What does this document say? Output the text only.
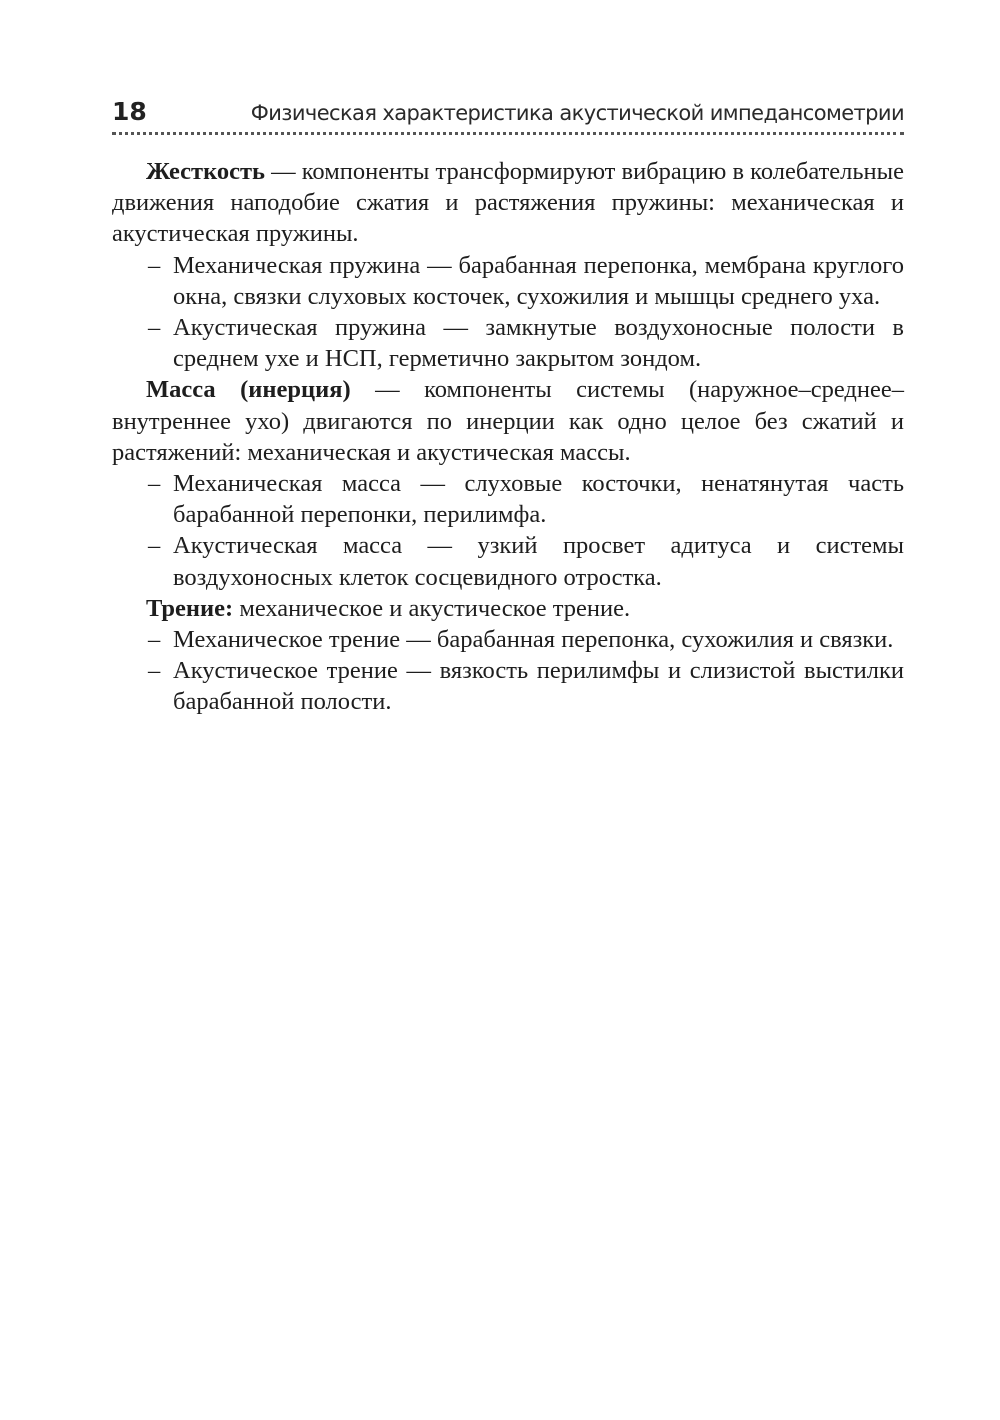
18	Физическая характеристика акустической импедансометрии

Жесткость — компоненты трансформируют вибрацию в колебательные движения наподобие сжатия и растяжения пружины: механическая и акустическая пружины.

– Механическая пружина — барабанная перепонка, мембрана круглого окна, связки слуховых косточек, сухожилия и мышцы среднего уха.

– Акустическая пружина — замкнутые воздухоносные полости в среднем ухе и НСП, герметично закрытом зондом.

Масса (инерция) — компоненты системы (наружное–среднее–внутреннее ухо) двигаются по инерции как одно целое без сжатий и растяжений: механическая и акустическая массы.

– Механическая масса — слуховые косточки, ненатянутая часть барабанной перепонки, перилимфа.

– Акустическая масса — узкий просвет адитуса и системы воздухоносных клеток сосцевидного отростка.

Трение: механическое и акустическое трение.

– Механическое трение — барабанная перепонка, сухожилия и связки.

– Акустическое трение — вязкость перилимфы и слизистой выстилки барабанной полости.
